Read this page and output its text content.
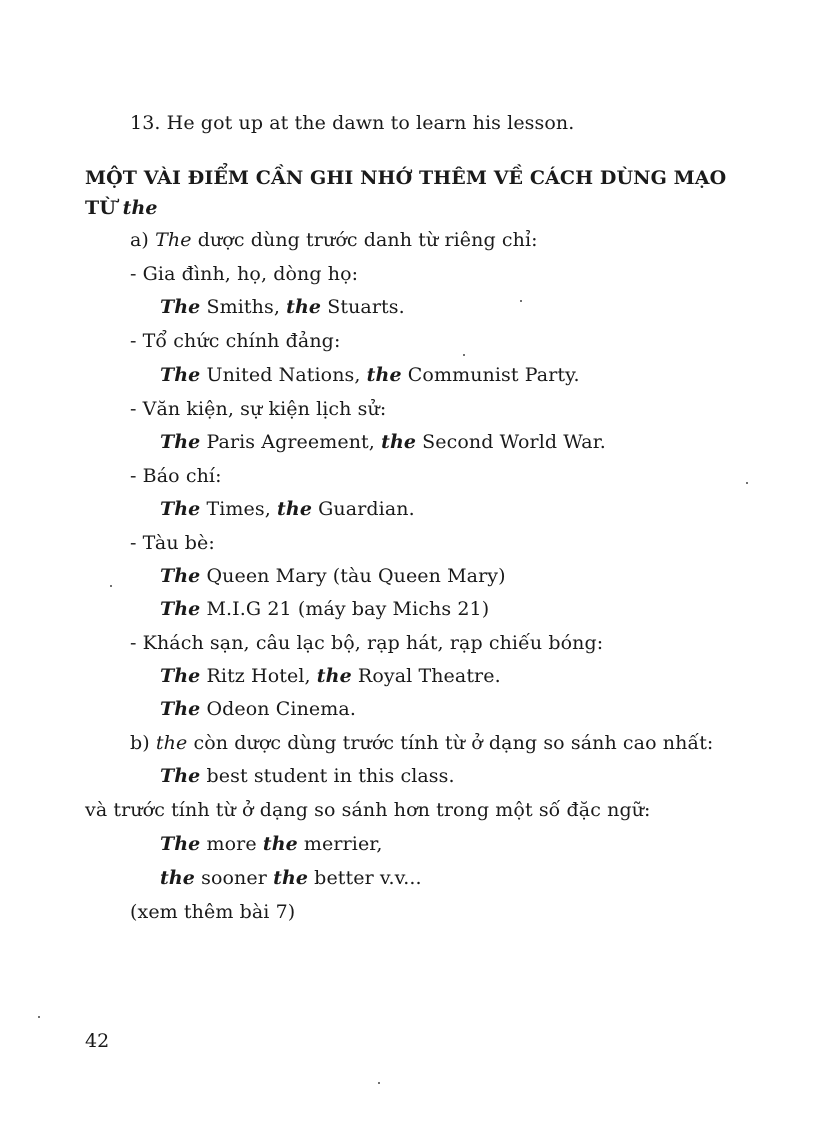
13. He got up at the dawn to learn his lesson.
MỘT VÀI ĐIỂM CẦN GHI NHỚ THÊM VỀ CÁCH DÙNG MẠO
TỪ the
a) The dược dùng trước danh từ riêng chỉ:
- Gia đình, họ, dòng họ:
The Smiths, the Stuarts.
- Tổ chức chính đảng:
The United Nations, the Communist Party.
- Văn kiện, sự kiện lịch sử:
The Paris Agreement, the Second World War.
- Báo chí:
The Times, the Guardian.
- Tàu bè:
The Queen Mary (tàu Queen Mary)
The M.I.G 21 (máy bay Michs 21)
- Khách sạn, câu lạc bộ, rạp hát, rạp chiếu bóng:
The Ritz Hotel, the Royal Theatre.
The Odeon Cinema.
b) the còn dược dùng trước tính từ ở dạng so sánh cao nhất:
The best student in this class.
và trước tính từ ở dạng so sánh hơn trong một số đặc ngữ:
The more the merrier,
the sooner the better v.v...
(xem thêm bài 7)
42
